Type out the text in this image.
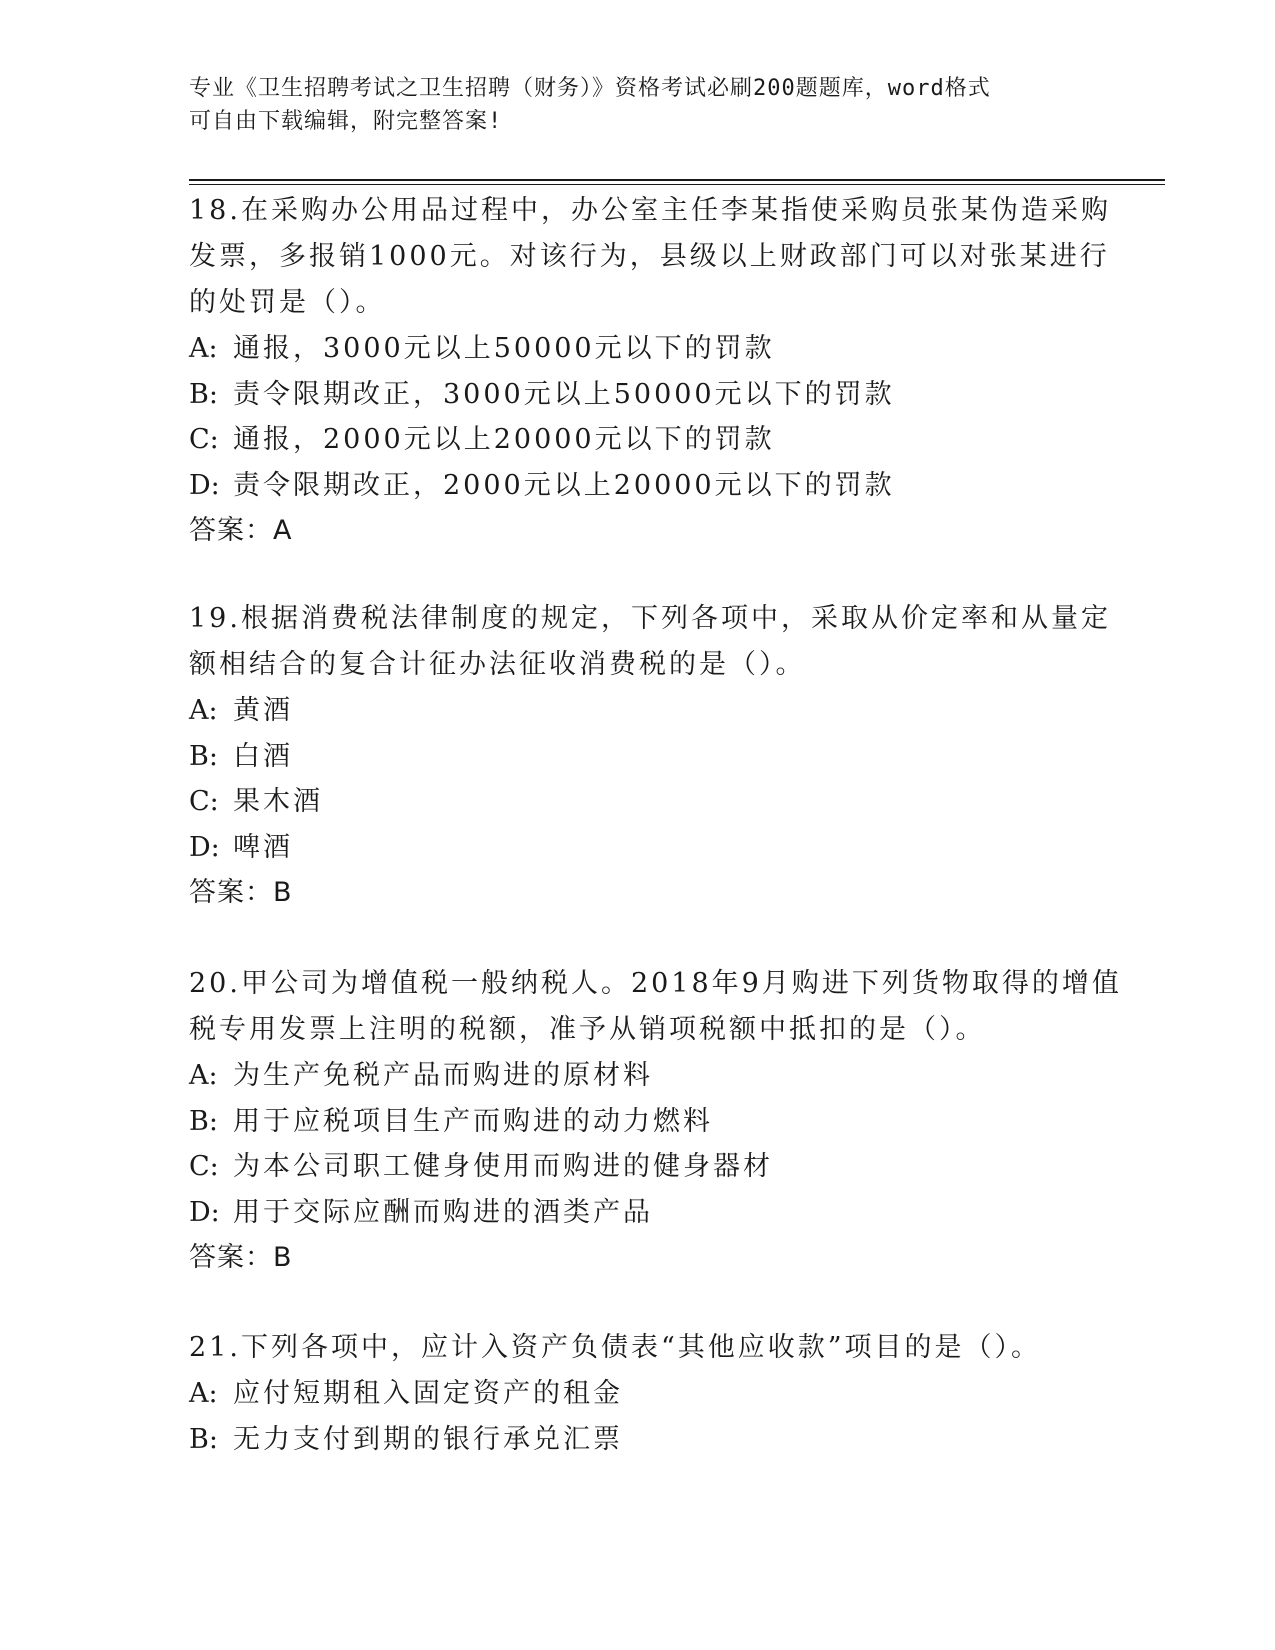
专业《卫生招聘考试之卫生招聘（财务）》资格考试必刷200题题库，word格式
可自由下载编辑，附完整答案!
18.在采购办公用品过程中，办公室主任李某指使采购员张某伪造采购
发票，多报销1000元。对该行为，县级以上财政部门可以对张某进行
的处罚是（）。
A: 通报，3000元以上50000元以下的罚款
B: 责令限期改正，3000元以上50000元以下的罚款
C: 通报，2000元以上20000元以下的罚款
D: 责令限期改正，2000元以上20000元以下的罚款
答案：A
19.根据消费税法律制度的规定，下列各项中，采取从价定率和从量定
额相结合的复合计征办法征收消费税的是（）。
A: 黄酒
B: 白酒
C: 果木酒
D: 啤酒
答案：B
20.甲公司为增值税一般纳税人。2018年9月购进下列货物取得的增值
税专用发票上注明的税额，准予从销项税额中抵扣的是（）。
A: 为生产免税产品而购进的原材料
B: 用于应税项目生产而购进的动力燃料
C: 为本公司职工健身使用而购进的健身器材
D: 用于交际应酬而购进的酒类产品
答案：B
21.下列各项中，应计入资产负债表“其他应收款”项目的是（）。
A: 应付短期租入固定资产的租金
B: 无力支付到期的银行承兑汇票
